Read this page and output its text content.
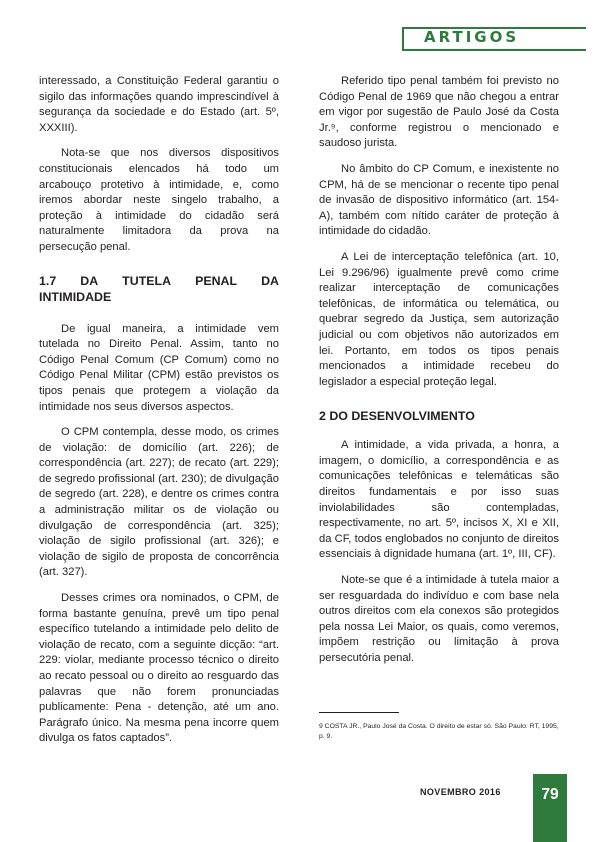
ARTIGOS

interessado, a Constituição Federal garantiu o sigilo das informações quando imprescindível à segurança da sociedade e do Estado (art. 5º, XXXIII).

Nota-se que nos diversos dispositivos constitucionais elencados há todo um arcabouço protetivo à intimidade, e, como iremos abordar neste singelo trabalho, a proteção à intimidade do cidadão será naturalmente limitadora da prova na persecução penal.

1.7 DA TUTELA PENAL DA
INTIMIDADE

De igual maneira, a intimidade vem tutelada no Direito Penal. Assim, tanto no Código Penal Comum (CP Comum) como no Código Penal Militar (CPM) estão previstos os tipos penais que protegem a violação da intimidade nos seus diversos aspectos.

O CPM contempla, desse modo, os crimes de violação: de domicílio (art. 226); de correspondência (art. 227); de recato (art. 229); de segredo profissional (art. 230); de divulgação de segredo (art. 228), e dentre os crimes contra a administração militar os de violação ou divulgação de correspondência (art. 325); violação de sigilo profissional (art. 326); e violação de sigilo de proposta de concorrência (art. 327).

Desses crimes ora nominados, o CPM, de forma bastante genuína, prevê um tipo penal específico tutelando a intimidade pelo delito de violação de recato, com a seguinte dicção: “art. 229: violar, mediante processo técnico o direito ao recato pessoal ou o direito ao resguardo das palavras que não forem pronunciadas publicamente: Pena - detenção, até um ano. Parágrafo único. Na mesma pena incorre quem divulga os fatos captados”.

Referido tipo penal também foi previsto no Código Penal de 1969 que não chegou a entrar em vigor por sugestão de Paulo José da Costa Jr.⁹, conforme registrou o mencionado e saudoso jurista.

No âmbito do CP Comum, e inexistente no CPM, há de se mencionar o recente tipo penal de invasão de dispositivo informático (art. 154-A), também com nítido caráter de proteção à intimidade do cidadão.

A Lei de interceptação telefônica (art. 10, Lei 9.296/96) igualmente prevê como crime realizar interceptação de comunicações telefônicas, de informática ou telemática, ou quebrar segredo da Justiça, sem autorização judicial ou com objetivos não autorizados em lei. Portanto, em todos os tipos penais mencionados a intimidade recebeu do legislador a especial proteção legal.

2 DO DESENVOLVIMENTO

A intimidade, a vida privada, a honra, a imagem, o domicílio, a correspondência e as comunicações telefônicas e telemáticas são direitos fundamentais e por isso suas inviolabilidades são contempladas, respectivamente, no art. 5º, incisos X, XI e XII, da CF, todos englobados no conjunto de direitos essenciais à dignidade humana (art. 1º, III, CF).

Note-se que é a intimidade à tutela maior a ser resguardada do indivíduo e com base nela outros direitos com ela conexos são protegidos pela nossa Lei Maior, os quais, como veremos, impõem restrição ou limitação à prova persecutória penal.

9 COSTA JR., Paulo José da Costa. O direito de estar só. São Paulo: RT, 1995, p. 9.
NOVEMBRO 2016	79
